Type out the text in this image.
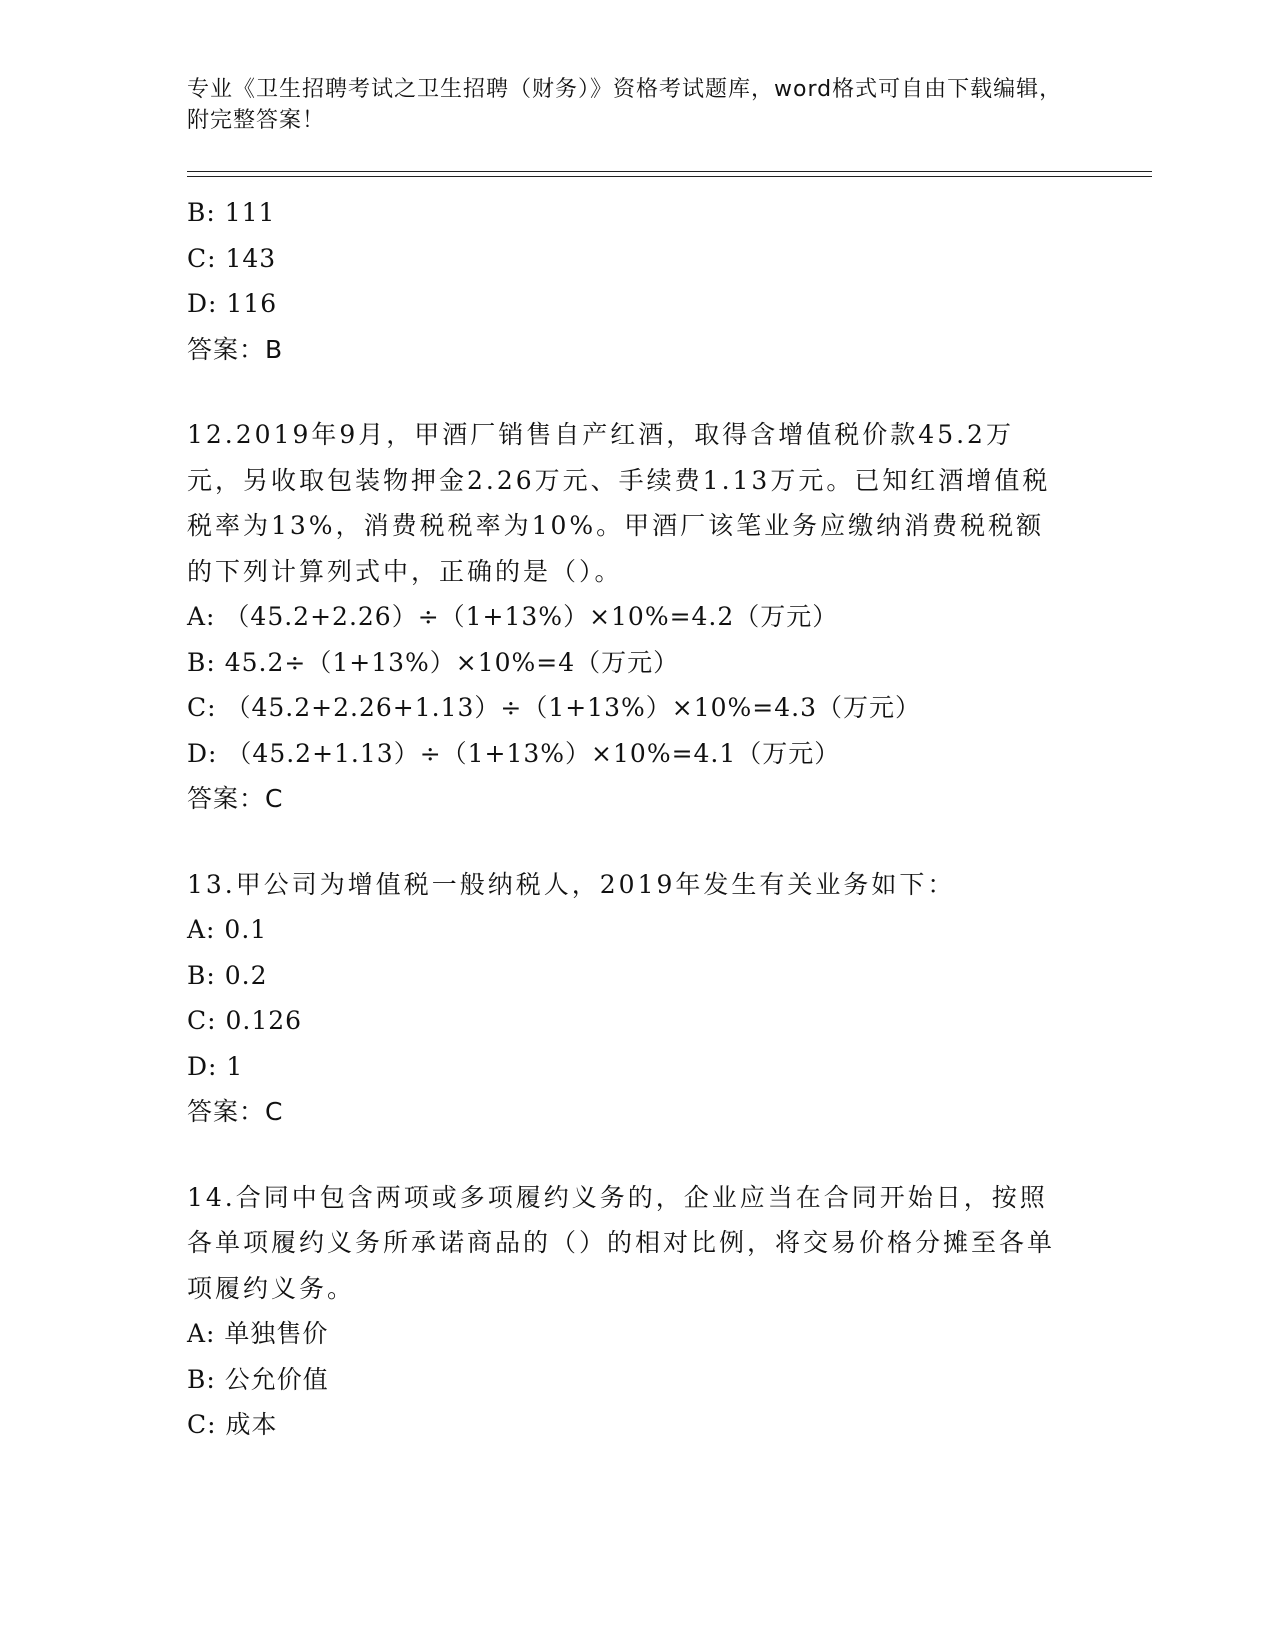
专业《卫生招聘考试之卫生招聘（财务）》资格考试题库，word格式可自由下载编辑，附完整答案！
B: 111
C: 143
D: 116
答案：B
12.2019年9月，甲酒厂销售自产红酒，取得含增值税价款45.2万元，另收取包装物押金2.26万元、手续费1.13万元。已知红酒增值税税率为13%，消费税税率为10%。甲酒厂该笔业务应缴纳消费税税额的下列计算列式中，正确的是（）。
A: （45.2+2.26）÷（1+13%）×10%=4.2（万元）
B: 45.2÷（1+13%）×10%=4（万元）
C: （45.2+2.26+1.13）÷（1+13%）×10%=4.3（万元）
D: （45.2+1.13）÷（1+13%）×10%=4.1（万元）
答案：C
13.甲公司为增值税一般纳税人，2019年发生有关业务如下：
A: 0.1
B: 0.2
C: 0.126
D: 1
答案：C
14.合同中包含两项或多项履约义务的，企业应当在合同开始日，按照各单项履约义务所承诺商品的（）的相对比例，将交易价格分摊至各单项履约义务。
A: 单独售价
B: 公允价值
C: 成本
